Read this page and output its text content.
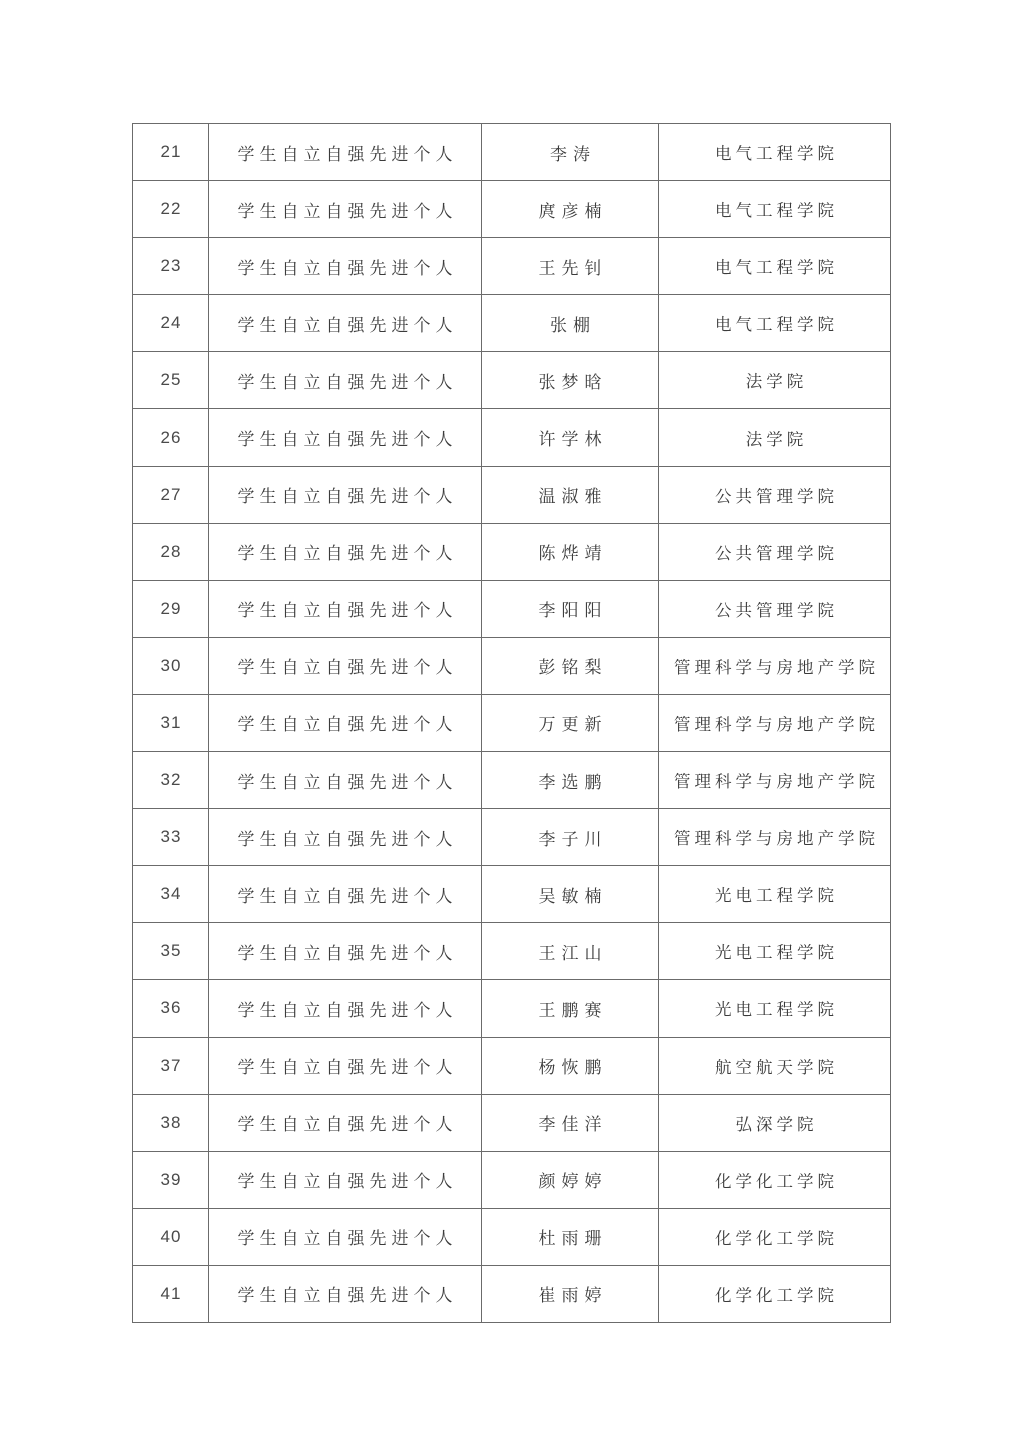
21	学生自立自强先进个人	李涛	电气工程学院
22	学生自立自强先进个人	庹彦楠	电气工程学院
23	学生自立自强先进个人	王先钊	电气工程学院
24	学生自立自强先进个人	张棚	电气工程学院
25	学生自立自强先进个人	张梦晗	法学院
26	学生自立自强先进个人	许学林	法学院
27	学生自立自强先进个人	温淑雅	公共管理学院
28	学生自立自强先进个人	陈烨靖	公共管理学院
29	学生自立自强先进个人	李阳阳	公共管理学院
30	学生自立自强先进个人	彭铭梨	管理科学与房地产学院
31	学生自立自强先进个人	万更新	管理科学与房地产学院
32	学生自立自强先进个人	李选鹏	管理科学与房地产学院
33	学生自立自强先进个人	李子川	管理科学与房地产学院
34	学生自立自强先进个人	吴敏楠	光电工程学院
35	学生自立自强先进个人	王江山	光电工程学院
36	学生自立自强先进个人	王鹏赛	光电工程学院
37	学生自立自强先进个人	杨恢鹏	航空航天学院
38	学生自立自强先进个人	李佳洋	弘深学院
39	学生自立自强先进个人	颜婷婷	化学化工学院
40	学生自立自强先进个人	杜雨珊	化学化工学院
41	学生自立自强先进个人	崔雨婷	化学化工学院
